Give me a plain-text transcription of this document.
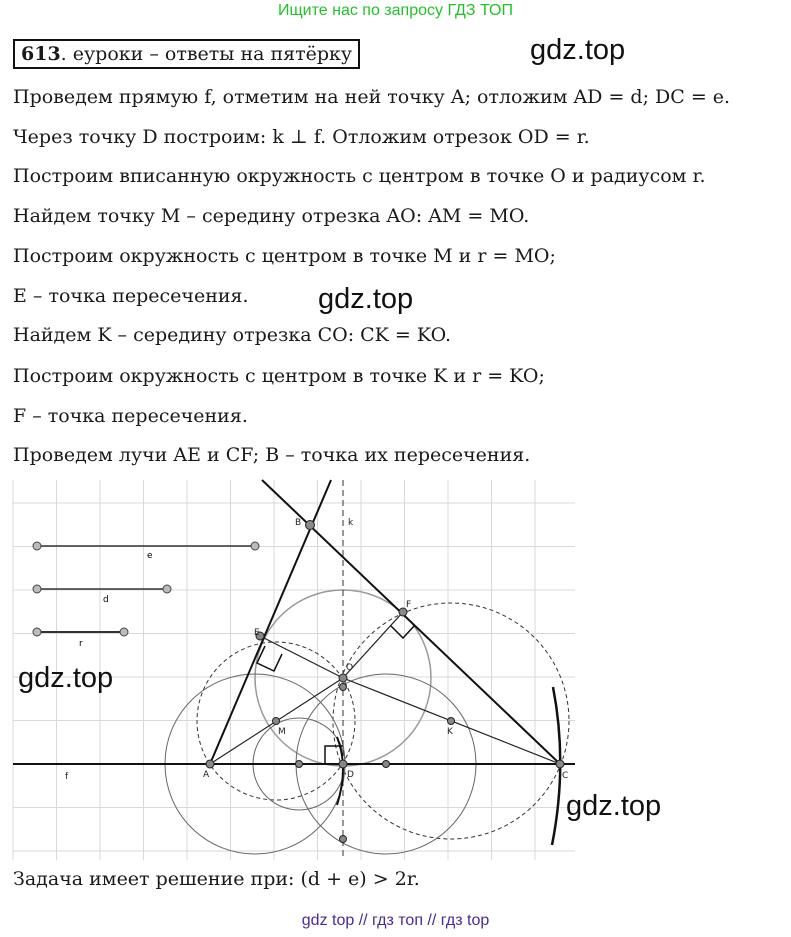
Ищите нас по запросу ГДЗ ТОП
613. еуроки – ответы на пятёрку	gdz.top
Проведем прямую f, отметим на ней точку A; отложим AD = d; DC = e.
Через точку D построим: k ⊥ f. Отложим отрезок OD = r.
Построим вписанную окружность с центром в точке O и радиусом r.
Найдем точку M – середину отрезка AO: AM = MO.
Построим окружность с центром в точке M и r = MO;
E – точка пересечения. gdz.top
Найдем K – середину отрезка CO: CK = KO.
Построим окружность с центром в точке K и r = KO;
F – точка пересечения.
Проведем лучи AE и CF; B – точка их пересечения.
e
d
r
A
B
C
D
E
F
O
M	K
k
f
gdz.top
gdz.top
Задача имеет решение при: (d + e) > 2r.
gdz top // гдз топ // гдз top
